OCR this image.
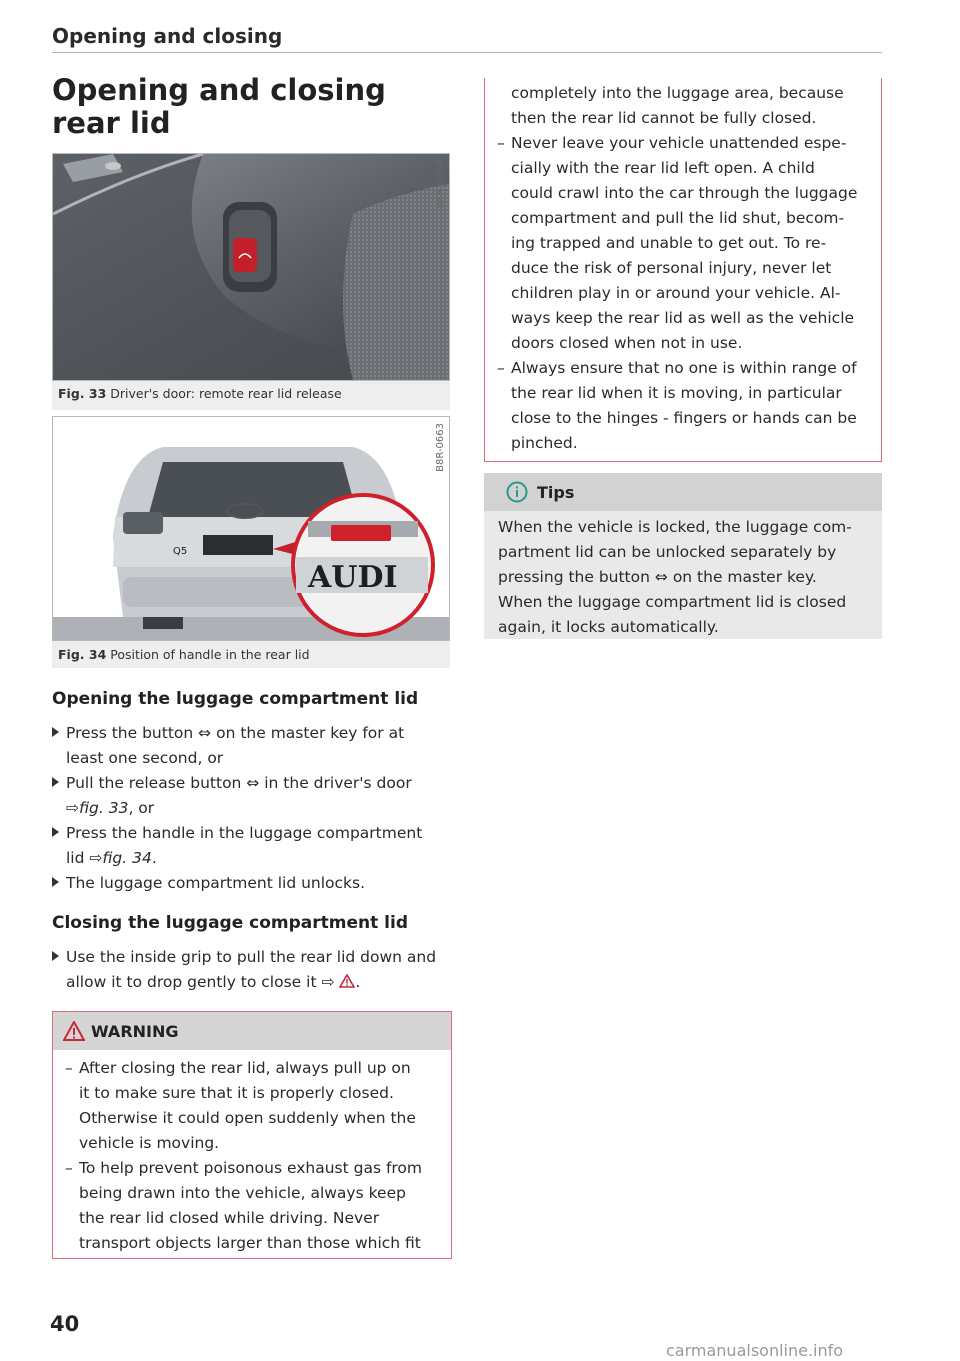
Opening and closing
Opening and closing rear lid
B8R-0664
Fig. 33 Driver's door: remote rear lid release
AUDI
Q5
B8R-0663
Fig. 34 Position of handle in the rear lid
Opening the luggage compartment lid
Press the button ⇔ on the master key for at
least one second, or
Pull the release button ⇔ in the driver's door
⇨fig. 33, or
Press the handle in the luggage compartment
lid ⇨fig. 34.
The luggage compartment lid unlocks.
Closing the luggage compartment lid
Use the inside grip to pull the rear lid down and
allow it to drop gently to close it ⇨ .
WARNING
– After closing the rear lid, always pull up on
it to make sure that it is properly closed.
Otherwise it could open suddenly when the
vehicle is moving.
– To help prevent poisonous exhaust gas from
being drawn into the vehicle, always keep
the rear lid closed while driving. Never
transport objects larger than those which fit
completely into the luggage area, because
then the rear lid cannot be fully closed.
– Never leave your vehicle unattended espe-
cially with the rear lid left open. A child
could crawl into the car through the luggage
compartment and pull the lid shut, becom-
ing trapped and unable to get out. To re-
duce the risk of personal injury, never let
children play in or around your vehicle. Al-
ways keep the rear lid as well as the vehicle
doors closed when not in use.
– Always ensure that no one is within range of
the rear lid when it is moving, in particular
close to the hinges - fingers or hands can be
pinched.
Tips
When the vehicle is locked, the luggage com-
partment lid can be unlocked separately by
pressing the button ⇔ on the master key.
When the luggage compartment lid is closed
again, it locks automatically.
40
carmanualsonline.info
